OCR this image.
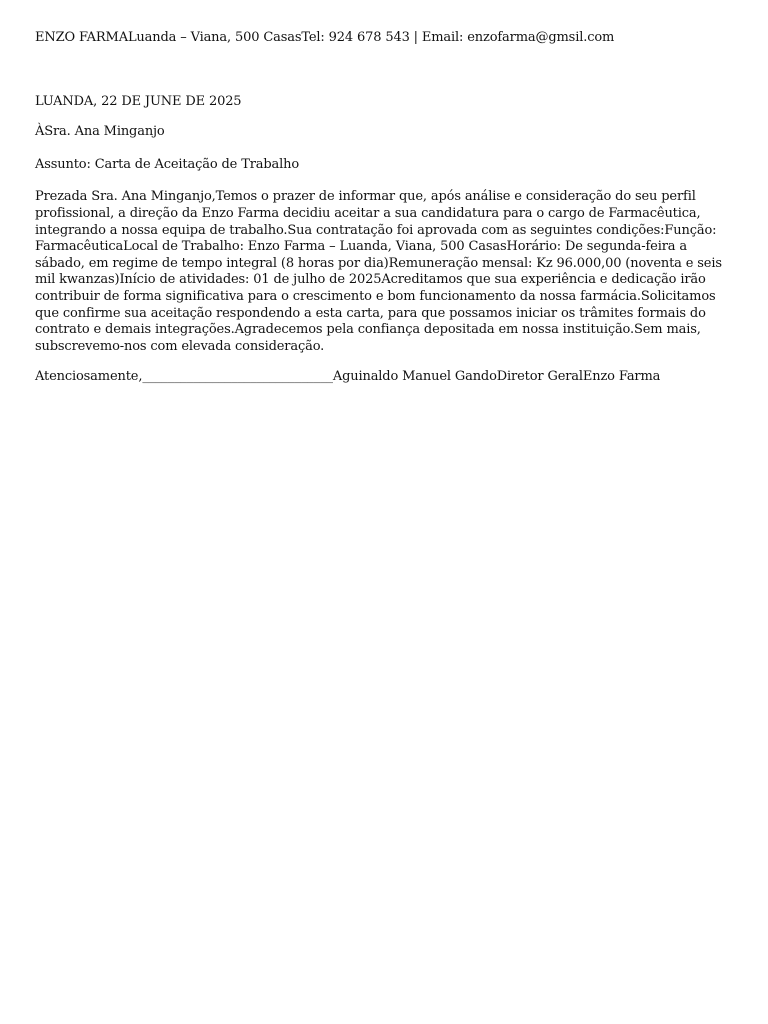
ENZO FARMALuanda – Viana, 500 CasasTel: 924 678 543 | Email: enzofarma@gmsil.com

LUANDA, 22 DE JUNE DE 2025

ÀSra. Ana Minganjo

Assunto: Carta de Aceitação de Trabalho

Prezada Sra. Ana Minganjo,Temos o prazer de informar que, após análise e consideração do seu perfil profissional, a direção da Enzo Farma decidiu aceitar a sua candidatura para o cargo de Farmacêutica, integrando a nossa equipa de trabalho.Sua contratação foi aprovada com as seguintes condições:Função: FarmacêuticaLocal de Trabalho: Enzo Farma – Luanda, Viana, 500 CasasHorário: De segunda-feira a sábado, em regime de tempo integral (8 horas por dia)Remuneração mensal: Kz 96.000,00 (noventa e seis mil kwanzas)Início de atividades: 01 de julho de 2025Acreditamos que sua experiência e dedicação irão contribuir de forma significativa para o crescimento e bom funcionamento da nossa farmácia.Solicitamos que confirme sua aceitação respondendo a esta carta, para que possamos iniciar os trâmites formais do contrato e demais integrações.Agradecemos pela confiança depositada em nossa instituição.Sem mais, subscrevemo-nos com elevada consideração.

Atenciosamente,______________________________Aguinaldo Manuel GandoDiretor GeralEnzo Farma
